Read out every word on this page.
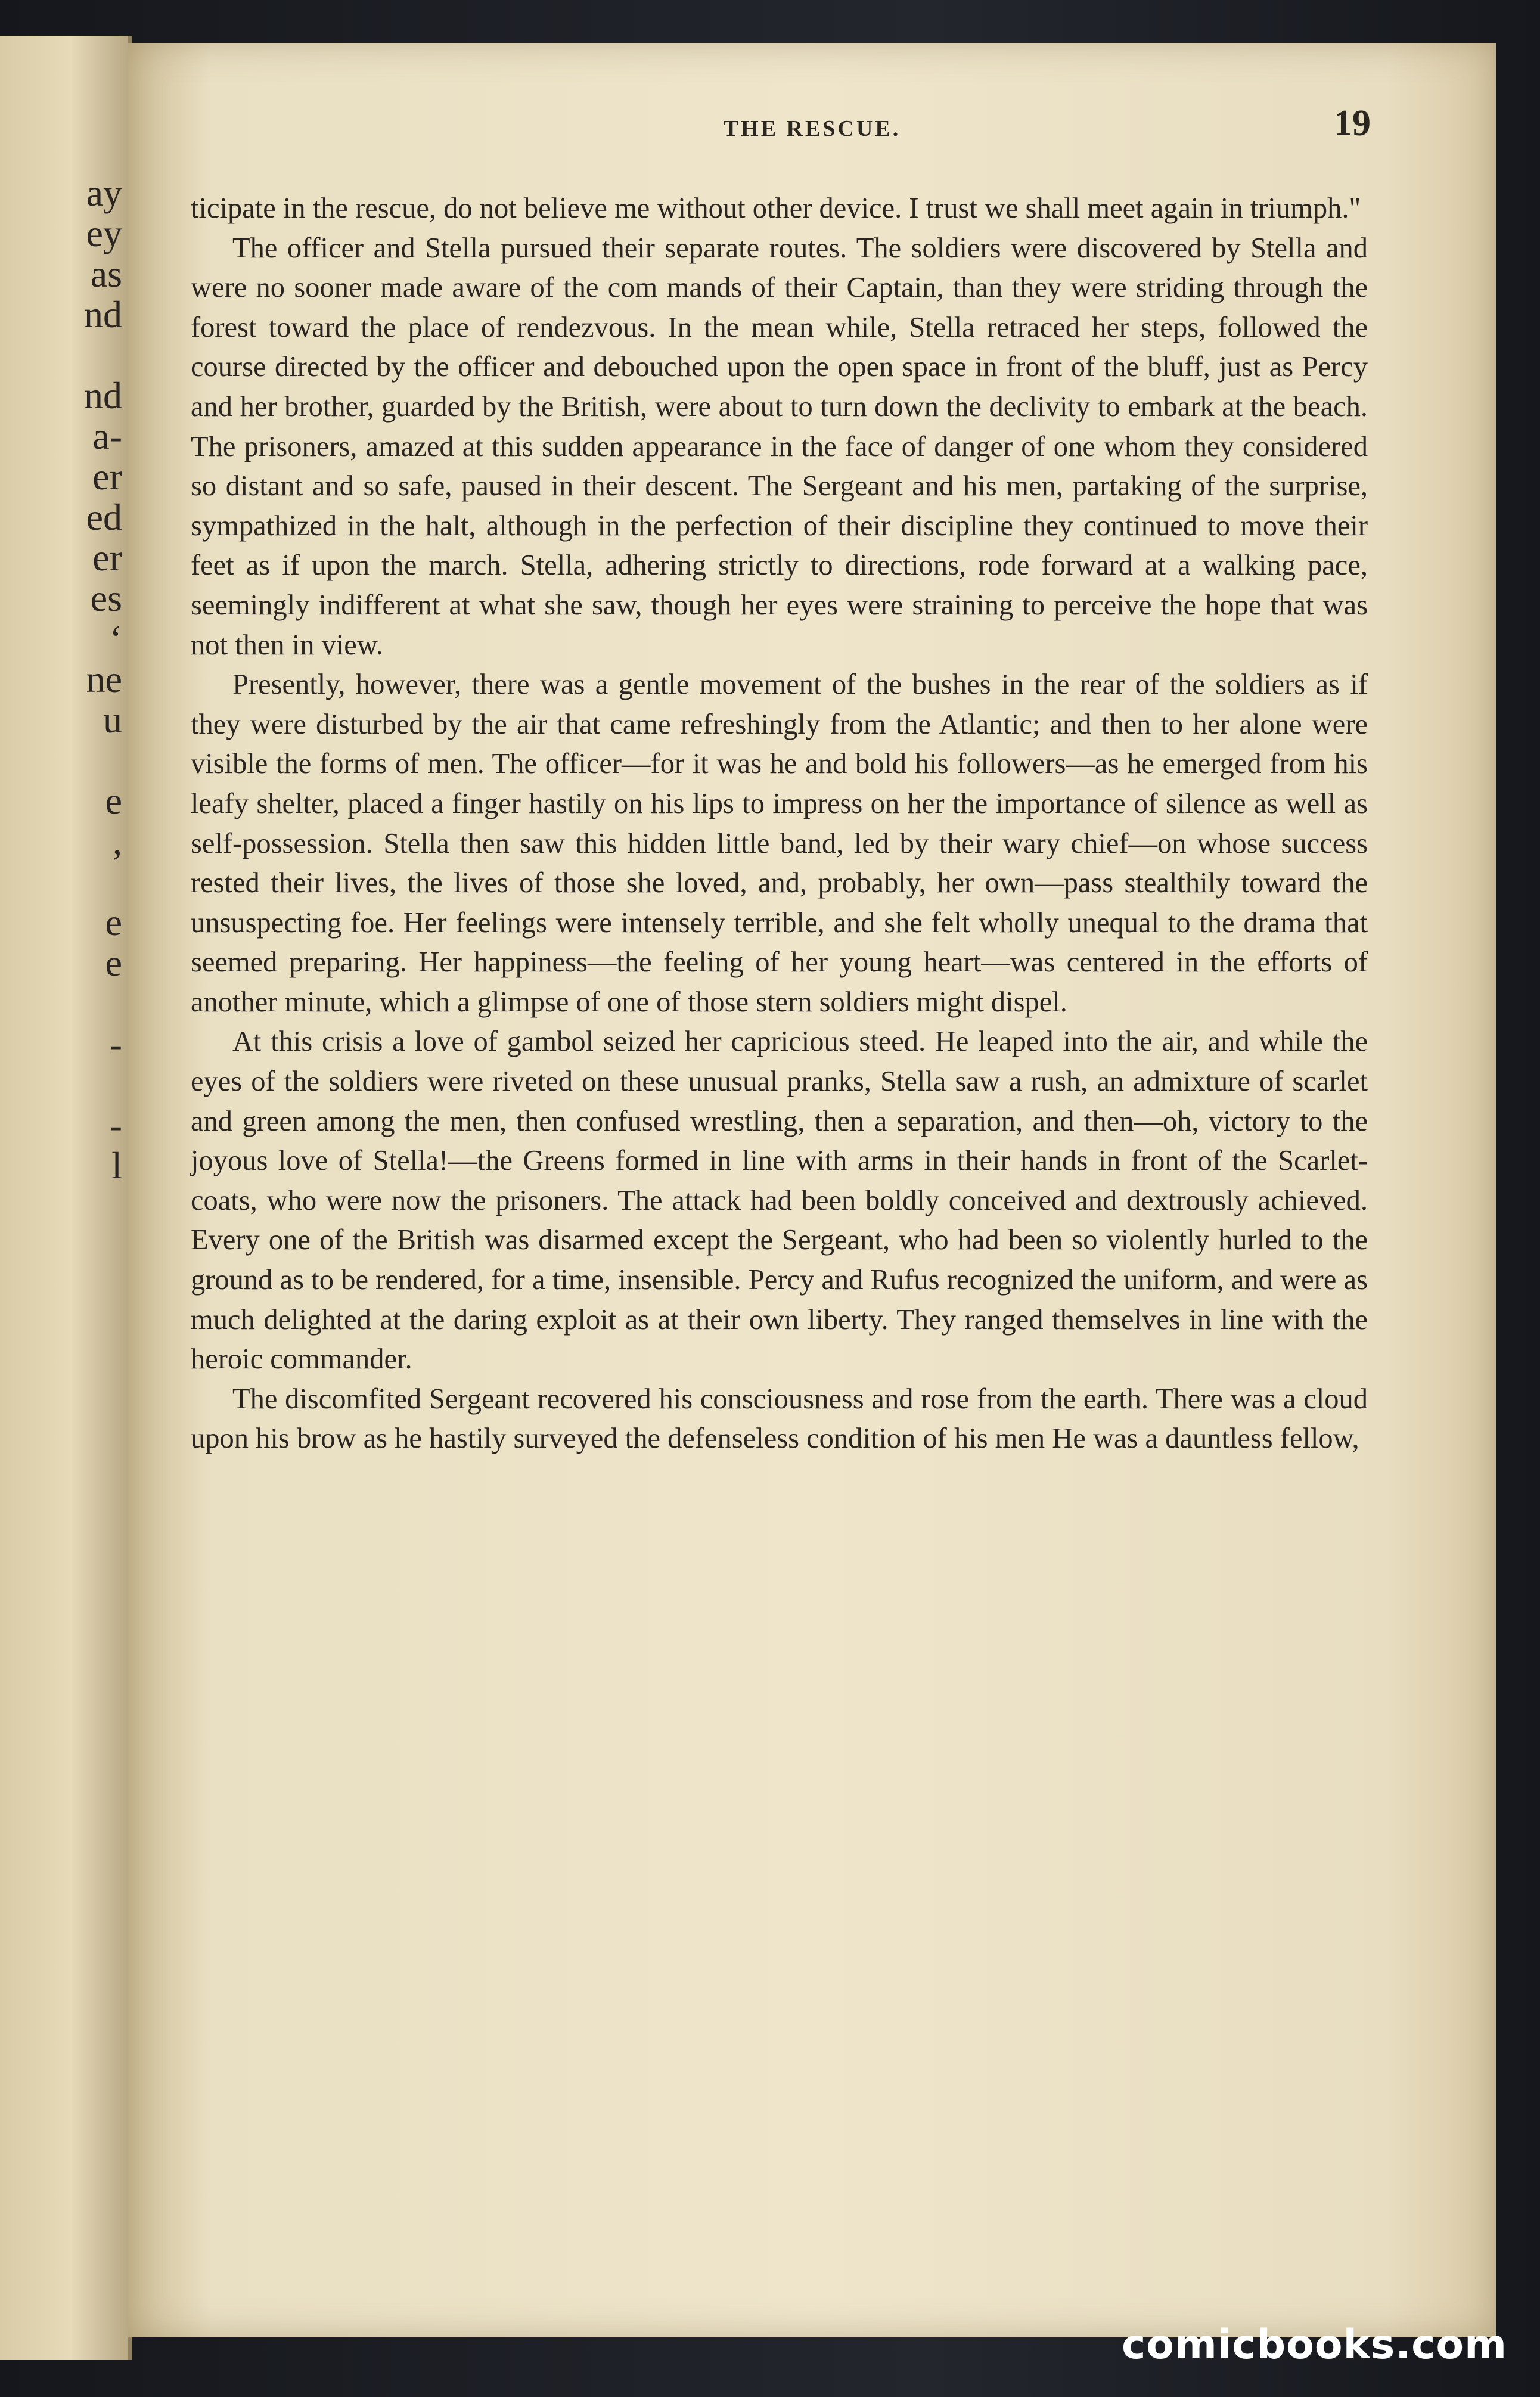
ay
ey
as
nd
nd
a-
er
ed
er
es
‘
ne
u
e
,
e
e
-
-
l
THE RESCUE.	19

ticipate in the rescue, do not believe me without other device. I trust we shall meet again in triumph."

The officer and Stella pursued their separate routes. The soldiers were discovered by Stella and were no sooner made aware of the com mands of their Captain, than they were striding through the forest toward the place of rendezvous. In the mean while, Stella retraced her steps, followed the course directed by the officer and debouched upon the open space in front of the bluff, just as Percy and her brother, guarded by the British, were about to turn down the declivity to embark at the beach. The prisoners, amazed at this sudden appearance in the face of danger of one whom they considered so distant and so safe, paused in their descent. The Sergeant and his men, partaking of the surprise, sympathized in the halt, although in the perfection of their discipline they continued to move their feet as if upon the march. Stella, adhering strictly to directions, rode forward at a walking pace, seemingly indifferent at what she saw, though her eyes were straining to perceive the hope that was not then in view.

Presently, however, there was a gentle movement of the bushes in the rear of the soldiers as if they were disturbed by the air that came refreshingly from the Atlantic; and then to her alone were visible the forms of men. The officer—for it was he and bold his followers—as he emerged from his leafy shelter, placed a finger hastily on his lips to impress on her the importance of silence as well as self-possession. Stella then saw this hidden little band, led by their wary chief—on whose success rested their lives, the lives of those she loved, and, probably, her own—pass stealthily toward the unsuspecting foe. Her feelings were intensely terrible, and she felt wholly unequal to the drama that seemed preparing. Her happiness—the feeling of her young heart—was centered in the efforts of another minute, which a glimpse of one of those stern soldiers might dispel.

At this crisis a love of gambol seized her capricious steed. He leaped into the air, and while the eyes of the soldiers were riveted on these unusual pranks, Stella saw a rush, an admixture of scarlet and green among the men, then confused wrestling, then a separation, and then—oh, victory to the joyous love of Stella!—the Greens formed in line with arms in their hands in front of the Scarlet-coats, who were now the prisoners. The attack had been boldly conceived and dextrously achieved. Every one of the British was disarmed except the Sergeant, who had been so violently hurled to the ground as to be rendered, for a time, insensible. Percy and Rufus recognized the uniform, and were as much delighted at the daring exploit as at their own liberty. They ranged themselves in line with the heroic commander.

The discomfited Sergeant recovered his consciousness and rose from the earth. There was a cloud upon his brow as he hastily surveyed the defenseless condition of his men He was a dauntless fellow,

comicbooks.com
